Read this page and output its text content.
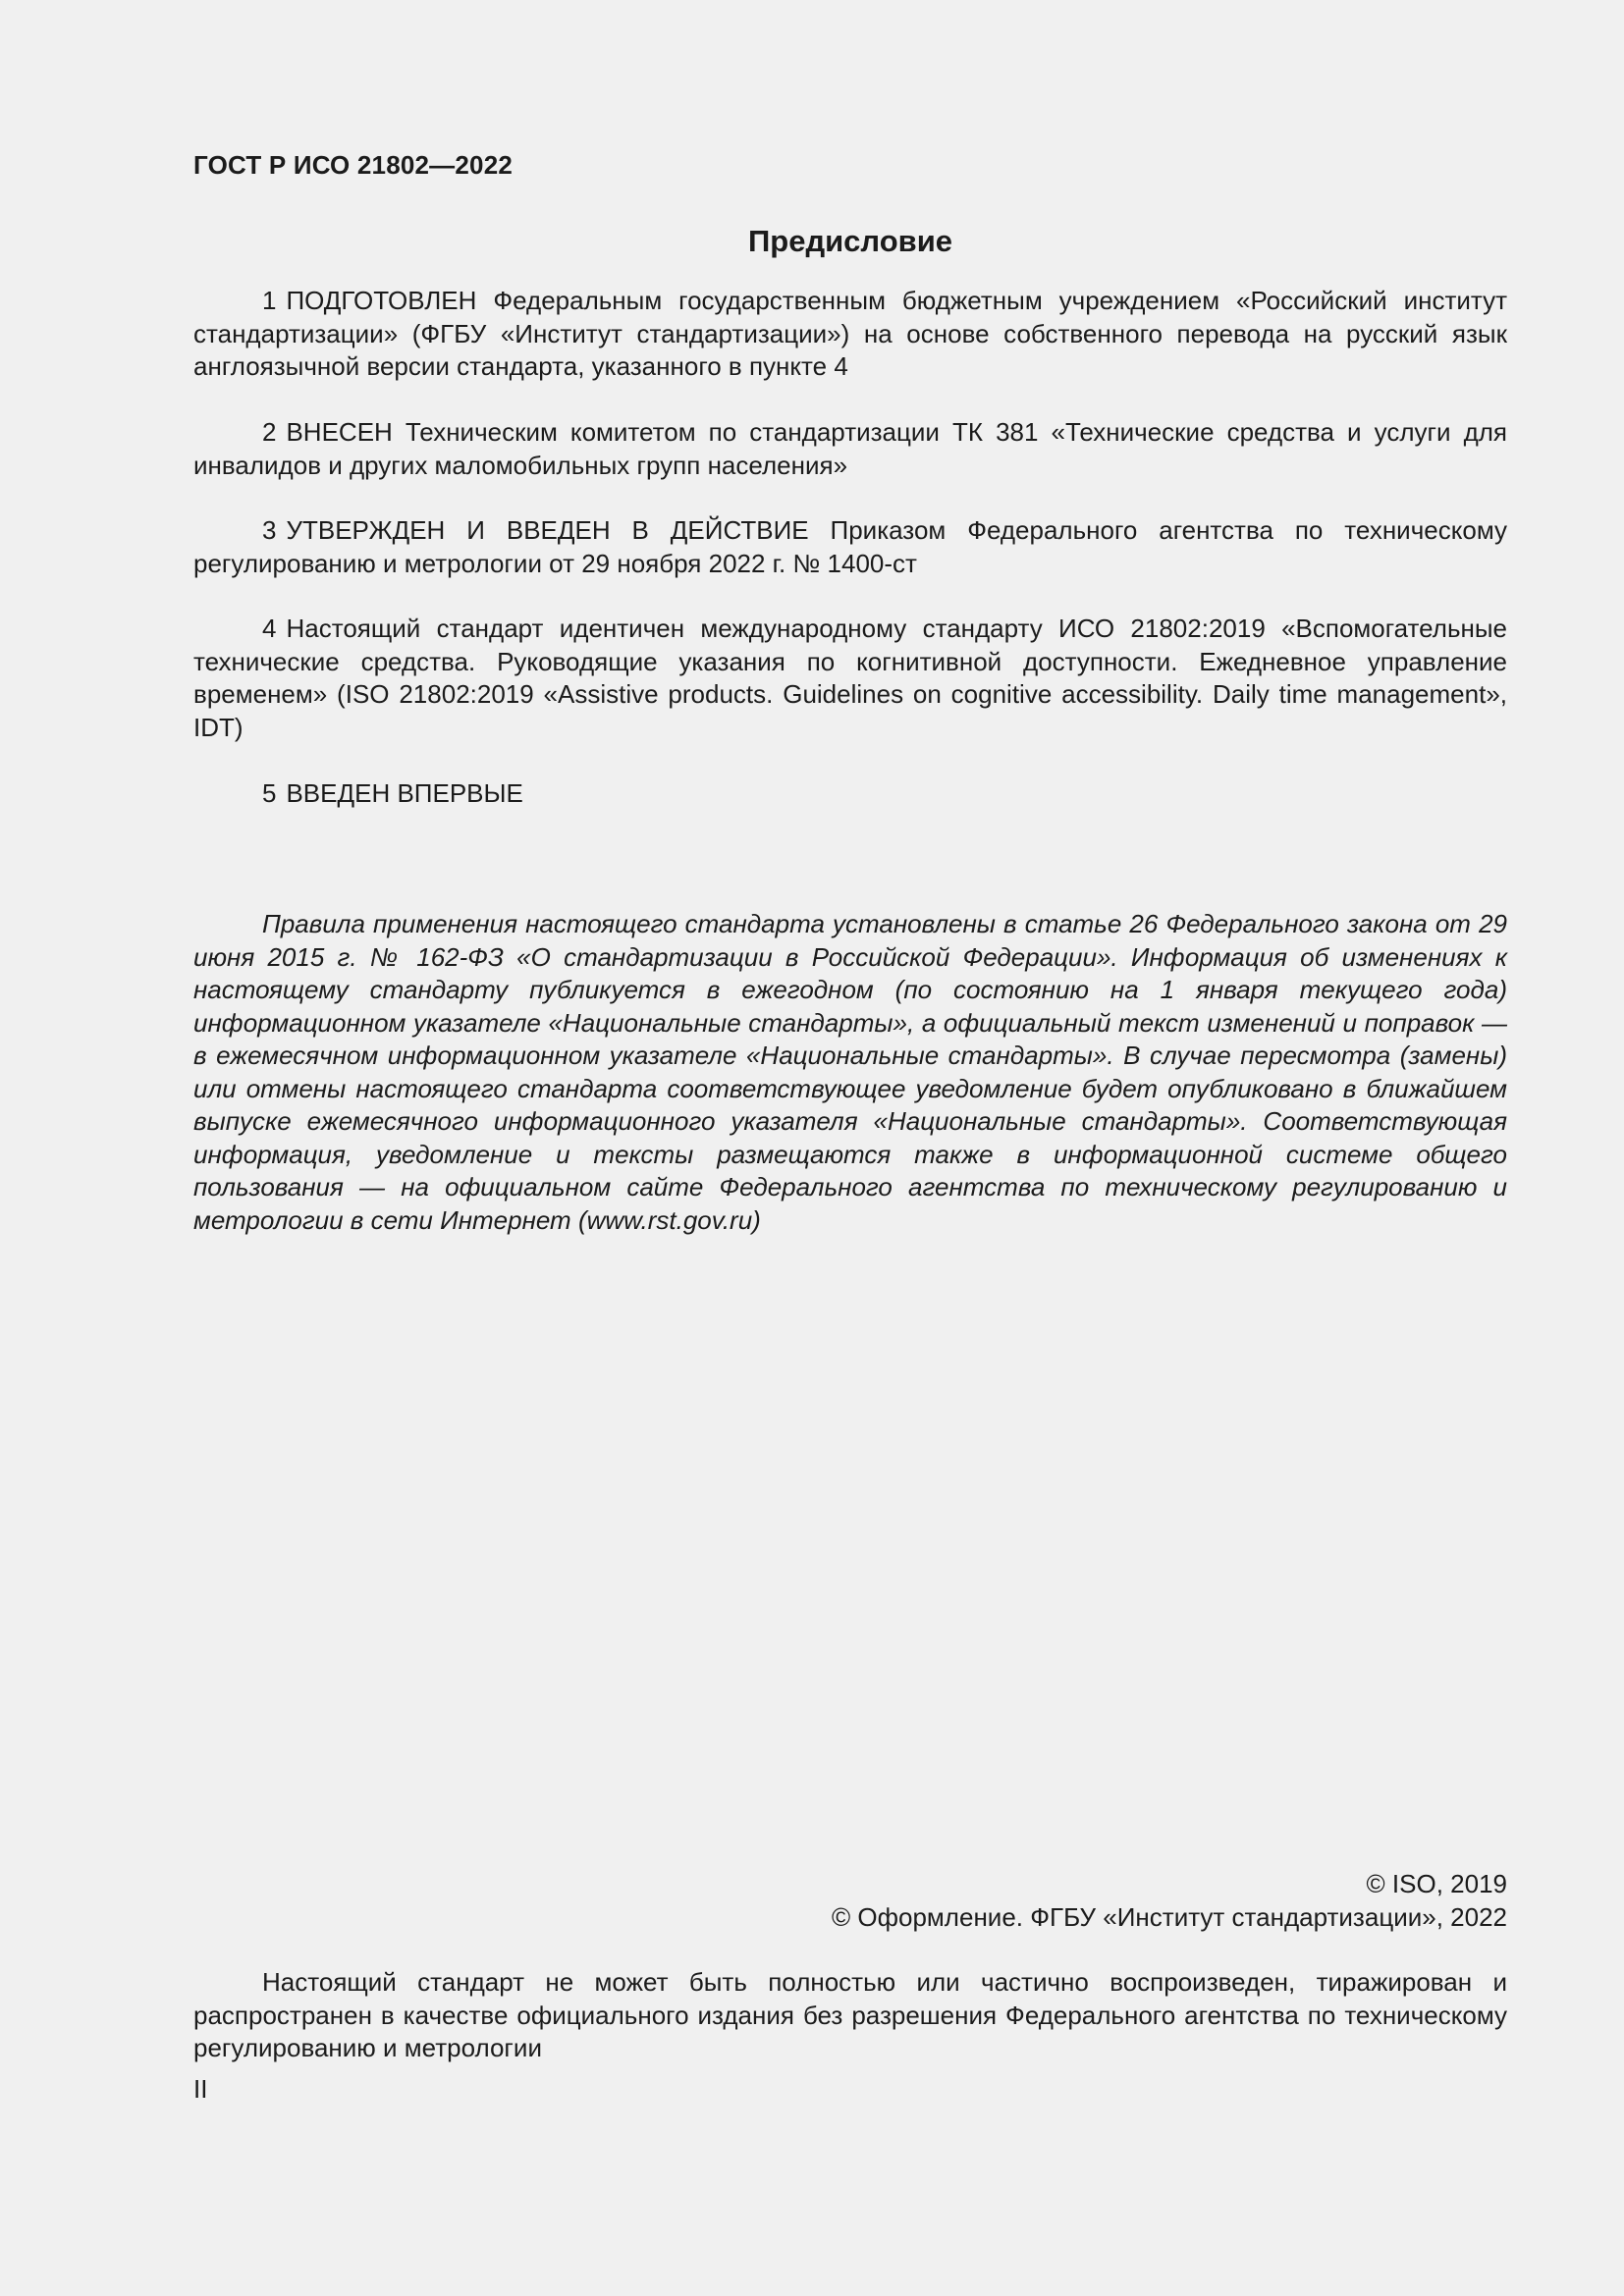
ГОСТ Р ИСО 21802—2022
Предисловие

1 ПОДГОТОВЛЕН Федеральным государственным бюджетным учреждением «Российский институт стандартизации» (ФГБУ «Институт стандартизации») на основе собственного перевода на русский язык англоязычной версии стандарта, указанного в пункте 4

2 ВНЕСЕН Техническим комитетом по стандартизации ТК 381 «Технические средства и услуги для инвалидов и других маломобильных групп населения»

3 УТВЕРЖДЕН И ВВЕДЕН В ДЕЙСТВИЕ Приказом Федерального агентства по техническому регулированию и метрологии от 29 ноября 2022 г. № 1400-ст

4 Настоящий стандарт идентичен международному стандарту ИСО 21802:2019 «Вспомогательные технические средства. Руководящие указания по когнитивной доступности. Ежедневное управление временем» (ISO 21802:2019 «Assistive products. Guidelines on cognitive accessibility. Daily time management», IDT)

5 ВВЕДЕН ВПЕРВЫЕ

Правила применения настоящего стандарта установлены в статье 26 Федерального закона от 29 июня 2015 г. № 162-ФЗ «О стандартизации в Российской Федерации». Информация об изменениях к настоящему стандарту публикуется в ежегодном (по состоянию на 1 января текущего года) информационном указателе «Национальные стандарты», а официальный текст изменений и поправок — в ежемесячном информационном указателе «Национальные стандарты». В случае пересмотра (замены) или отмены настоящего стандарта соответствующее уведомление будет опубликовано в ближайшем выпуске ежемесячного информационного указателя «Национальные стандарты». Соответствующая информация, уведомление и тексты размещаются также в информационной системе общего пользования — на официальном сайте Федерального агентства по техническому регулированию и метрологии в сети Интернет (www.rst.gov.ru)

© ISO, 2019
© Оформление. ФГБУ «Институт стандартизации», 2022

Настоящий стандарт не может быть полностью или частично воспроизведен, тиражирован и распространен в качестве официального издания без разрешения Федерального агентства по техническому регулированию и метрологии

II
